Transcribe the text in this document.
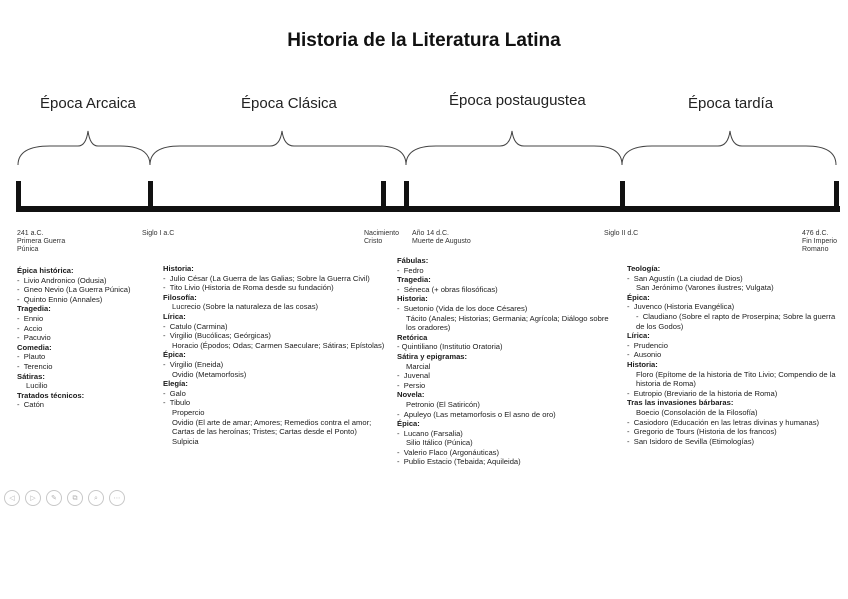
Historia de la Literatura Latina
Época Arcaica	Época Clásica	Época postaugustea	Época tardía
241 a.C.
Primera Guerra
Púnica
Siglo I a.C	Nacimiento
Cristo
Año 14 d.C.
Muerte de Augusto
Siglo II d.C	476 d.C.
Fin Imperio
Romano
Épica histórica:
-  Livio Andronico (Odusia)
-  Gneo Nevio (La Guerra Púnica)
-  Quinto Ennio (Annales)
Tragedia:
-  Ennio
-  Accio
-  Pacuvio
Comedia:
-  Plauto
-  Terencio
Sátiras:
Lucilio
Tratados técnicos:
-  Catón
Historia:
-  Julio César (La Guerra de las Galias; Sobre la Guerra Civil)
-  Tito Livio (Historia de Roma desde su fundación)
Filosofía:
Lucrecio (Sobre la naturaleza de las cosas)
Lírica:
-  Catulo (Carmina)
-  Virgilio (Bucólicas; Geórgicas)
Horacio (Épodos; Odas; Carmen Saeculare; Sátiras; Epístolas)
Épica:
-  Virgilio (Eneida)
Ovidio (Metamorfosis)
Elegía:
-  Galo
-  Tibulo
Propercio
Ovidio (El arte de amar; Amores; Remedios contra el amor; Cartas de las heroínas; Tristes; Cartas desde el Ponto)
Sulpicia
Fábulas:
-  Fedro
Tragedia:
-  Séneca (+ obras filosóficas)
Historia:
-  Suetonio (Vida de los doce Césares)
Tácito (Anales; Historias; Germania; Agrícola; Diálogo sobre los oradores)
Retórica
- Quintiliano (Institutio Oratoria)
Sátira y epigramas:
Marcial
-  Juvenal
-  Persio
Novela:
Petronio (El Satiricón)
-  Apuleyo (Las metamorfosis o El asno de oro)
Épica:
-  Lucano (Farsalia)
Silio Itálico (Púnica)
-  Valerio Flaco (Argonáuticas)
-  Publio Estacio (Tebaida; Aquileida)
Teología:
-  San Agustín (La ciudad de Dios)
San Jerónimo (Varones ilustres; Vulgata)
Épica:
-  Juvenco (Historia Evangélica)
-  Claudiano (Sobre el rapto de Proserpina; Sobre la guerra de los Godos)
Lírica:
-  Prudencio
-  Ausonio
Historia:
Floro (Epítome de la historia de Tito Livio; Compendio de la historia de Roma)
-  Eutropio (Breviario de la historia de Roma)
Tras las invasiones bárbaras:
Boecio (Consolación de la Filosofía)
-  Casiodoro (Educación en las letras divinas y humanas)
-  Gregorio de Tours (Historia de los francos)
-  San Isidoro de Sevilla (Etimologías)
◁	▷	✎	⧉	⌕	⋯
